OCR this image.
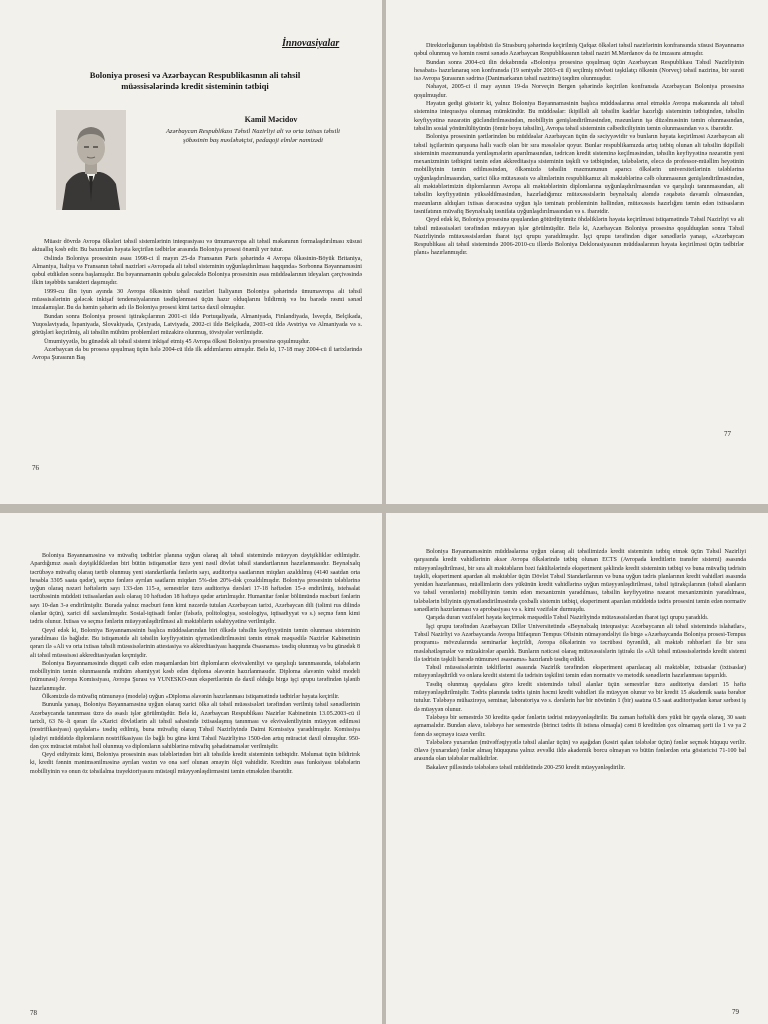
İnnovasiyalar
Boloniya prosesi və Azərbaycan Respublikasının ali təhsil
müəssisələrində kredit sisteminin tətbiqi
Kamil Məcidov
Azərbaycan Respublikası Təhsil Nazirliyi ali və orta ixtisas təhsili şöbəsinin baş məsləhətçisi, pedaqoji elmlər namizədi

Müasir dövrdə Avropa ölkələri təhsil sistemlərinin inteqrasiyası və ümumavropa ali təhsil məkanının formalaşdırılması xüsusi aktuallıq kəsb edir. Bu baxımdan həyata keçirilən tədbirlər arasında Boloniya prosesi önəmli yer tutur.

Əslində Boloniya prosesinin əsası 1998-ci il mayın 25-də Fransanın Paris şəhərində 4 Avropa ölkəsinin-Böyük Britaniya, Almaniya, İtaliya və Fransanın təhsil nazirləri «Avropada ali təhsil sisteminin uyğunlaşdırılması haqqında» Sorbonna Bəyannaməsini qəbul etdikdən sonra başlamışdır. Bu bəyannamənin qəbulu gələcəkdə Boloniya prosesinin əsas müddəalarının ideyaları çərçivəsində ilkin təşəbbüs xarakteri daşımışdır.

1999-cu ilin iyun ayında 30 Avropa ölkəsinin təhsil nazirləri İtaliyanın Boloniya şəhərində ümumavropa ali təhsil müəssisələrinin gələcək inkişaf tendensiyalarının təsdiqlənməsi üçün hazır olduqlarını bildirmiş və bu barədə rəsmi sənəd imzalamışlar. Bu da həmin şəhərin adı ilə Boloniya prosesi kimi tarixə daxil olmuşdur.

Bundan sonra Boloniya prosesi iştirakçılarının 2001-ci ildə Portuqaliyada, Almaniyada, Finlandiyada, İsveçdə, Belçikada, Yuqoslaviyada, İspaniyada, Slovakiyada, Çexiyada, Latviyada, 2002-ci ildə Belçikada, 2003-cü ildə Avstriya və Almaniyada və s. görüşləri keçirilmiş, ali təhsilin mühüm problemləri müzakirə olunmuş, tövsiyələr verilmişdir.

Ümumiyyətlə, bu günədək ali təhsil sistemi inkişaf etmiş 45 Avropa ölkəsi Boloniya prosesinə qoşulmuşdur.

Azərbaycan da bu prosesə qoşulmaq üçün hələ 2004-cü ildə ilk addımlarını atmışdır. Belə ki, 17-18 may 2004-cü il tarixlərində Avropa Şurasının Baş

76

Direktorluğunun təşəbbüsü ilə Strasburq şəhərində keçirilmiş Qafqaz ölkələri təhsil nazirlərinin konfransında xüsusi Bəyannamə qəbul olunmuş və həmin rəsmi sənədə Azərbaycan Respublikasının təhsil naziri M.Mərdanov da öz imzasını atmışdır.

Bundan sonra 2004-cü ilin dekabrında «Boloniya prosesinə qoşulmaq üçün Azərbaycan Respublikası Təhsil Nazirliyinin hesabatı» hazırlanaraq son konfransda (19 sentyabr 2003-cü il) seçilmiş növbəti təşkilatçı ölkənin (Norveç) təhsil nazirinə, bir surəti isə Avropa Şurasının sədrinə (Danimarkanın təhsil nazirinə) təqdim olunmuşdur.

Nəhayət, 2005-ci il may ayının 19-da Norveçin Bergen şəhərində keçirilən konfransda Azərbaycan Boloniya prosesinə qoşulmuşdur.

Həyatın gedişi göstərir ki, yalnız Boloniya Bəyannaməsinin başlıca müddəalarına əməl etməklə Avropa məkanında ali təhsil sisteminə inteqrasiya olunmaq mümkündür. Bu müddəalar: ikipilləli ali təhsilin kadrlar hazırlığı sisteminin tətbiqindən, təhsilin keyfiyyətinə nəzarətin gücləndirilməsindən, mobilliyin genişləndirilməsindən, məzunların işə düzəlməsinin təmin olunmasından, təhsilin sosial yönümlülüyünün (ömür boyu təhsilin), Avropa təhsil sisteminin cəlbediciliyinin təmin olunmasından və s. ibarətdir.

Boloniya prosesinin şərtlərindən bu müddəalar Azərbaycan üçün də səciyyəvidir və bunların həyata keçirilməsi Azərbaycan ali təhsil işçilərinin qarşısına hallı vacib olan bir sıra məsələlər qoyur. Bunlar respublikamızda artıq tətbiq olunan ali təhsilin ikipilləli sisteminin məzmununda yeniləşmələrin aparılmasından, tədricən kredit sisteminə keçilməsindən, təhsilin keyfiyyətinə nəzarətin yeni mexanizminin tətbiqini təmin edən akkreditasiya sisteminin təşkili və tətbiqindən, tələbələrin, elecə də professor-müəllim heyətinin mobilliyinin təmin edilməsindən, ölkəmizdə təhsilin məzmununun aparıcı ölkələrin universitetlərinin tələblərinə uyğunlaşdırılmasından, xarici ölkə mütəxəssis və alimlərinin respublikamız ali məktəblərinə cəlb olunmasının genişləndirilməsindən, ali məktəblərimizin diplomlarının Avropa ali məktəblərinin diplomlarına uyğunlaşdırılmasından və qarşılıqlı tanınmasından, ali təhsilin keyfiyyətinin yüksəldilməsindən, hazırladığımız mütəxəssislərin beynəlxalq aləmdə rəqabətə davamlı olmasından, məzunların aldıqları ixtisas dərəcəsinə uyğun işlə təminatı problеminin həllindən, mütəxəssis hazırlığını təmin edən ixtisasların təsnifatının müvafiq Beynəlxalq təsnifata uyğunlaşdırılmasından və s. ibarətdir.

Qeyd edək ki, Boloniya prosesinə qoşulandan götürdüyümüz öhdəliklərin həyata keçirilməsi istiqamətində Təhsil Nazirliyi və ali təhsil müəssisələri tərəfindən müəyyən işlər görülmüşdür. Belə ki, Azərbaycan Boloniya prosesinə qoşulduqdan sonra Təhsil Nazirliyində mütəxəssislərdən ibarət işçi qrupu yaradılmışdır. İşçi qrupu tərəfindən digər sənədlərlə yanaşı, «Azərbaycan Respublikası ali təhsil sistemində 2006-2010-cu illərdə Boloniya Deklorasiyasının müddəalarının həyata keçirilməsi üçün tədbirlər planı» hazırlanmışdır.

77

Boloniya Bəyannaməsinə və müvafiq tədbirlər planına uyğun olaraq ali təhsil sistemində müəyyən dəyişikliklər edilmişdir. Apardığımız əsaslı dəyişikliklərdən biri bütün istiqamətlər üzrə yeni nəsil dövlət təhsil standartlarının hazırlanmasıdır. Beynəlxalq təcrübəyə müvafiq olaraq tərtib olunmuş yeni standartlarda fənlərin sayı, auditoriya saatlarının miqdarı azaldılmış (4140 saatdan orta hesabla 3305 saata qədər), seçmə fənlərə ayrılan saatların miqdarı 5%-dən 20%-dək çoxaldılmışdır. Boloniya prosesinin tələblərinə uyğun olaraq nəzəri həftələrin sayı 133-dən 115-ə, semestrlər üzrə auditoriya dərsləri 17-18 həftədən 15-ə endirilmiş, istehsalat təcrübəsinin müddəti ixtisaslardan asılı olaraq 10 həftədən 18 həftəyə qədər artırılmışdır. Humanitar fənlər bölümündə məcburi fənlərin sayı 10-dan 3-ə endirilmişdir. Burada yalnız məcburi fənn kimi nəzərdə tutulan Azərbaycan tarixi, Azərbaycan dili (təlimi rus dilində olanlar üçün), xarici dil saxlanılmışdır. Sosial-iqtisadi fənlər (fəlsəfə, politologiya, sosiologiya, iqtisadiyyat və s.) seçmə fənn kimi tədris olunur. İxtisas və seçmə fənlərin müəyyənləşdirilməsi ali məktəblərin səlahiyyətinə verilmişdir.

Qeyd edək ki, Boloniya Bəyannaməsinin başlıca müddəalarından biri ölkədə təhsilin keyfiyyətinin təmin olunması sisteminin yaradılması ilə bağlıdır. Bu istiqamətdə ali təhsilin keyfiyyətinin qiymətləndirilməsini təmin etmək məqsədilə Nazirlər Kabinetinin qərarı ilə «Ali və orta ixtisas təhsili müəssisələrinin attestasiya və akkreditasiyası haqqında Əsasnamə» təsdiq olunmuş və bu günədək 8 ali təhsil müəssisəsi akkreditasiyadan keçmişdir.

Boloniya Bəyannaməsində diqqəti cəlb edən məqamlardan biri diplomların ekvivalentliyi və qarşılıqlı tanınmasında, tələbələrin mobilliyinin təmin olunmasında mühüm əhəmiyyət kəsb edən diploma əlavənin hazırlanmasıdır. Diploma əlavənin vahid modeli (nümunəsi) Avropa Komissiyası, Avropa Şurası və YUNESKO-nun ekspertlərinin də daxil olduğu birgə işçi qrupu tərəfindən işlənib hazırlanmışdır.

Ölkəmizdə də müvafiq nümunəyə (modelə) uyğun «Diploma əlavənin hazırlanması istiqamətində tədbirlər həyata keçirilir.

Bununla yanaşı, Boloniya Bəyannaməsinə uyğun olaraq xarici ölkə ali təhsil müəssisələri tərəfindən verilmiş təhsil sənədlərinin Azərbaycanda tanınması üzrə də əsaslı işlər görülmüşdür. Belə ki, Azərbaycan Respublikası Nazirlər Kabinetinin 13.05.2003-cü il tarixli, 63 №-li qərarı ilə «Xarici dövlətlərin ali təhsil sahəsində ixtisaslaşmış tanınması və ekvivalentliyinin müəyyən edilməsi (nostrifikasiyası) qaydaları» təsdiq edilmiş, buna müvafiq olaraq Təhsil Nazirliyində Daimi Komissiya yaradılmışdır. Komissiya işlədiyi müddətdə diplomların nostrifikasiyası ilə bağlı bu günə kimi Təhsil Nazirliyinə 1500-dən artıq müraciət daxil olmuşdur. 950-dən çox müraciət müsbət həll olunmuş və diplomların sahiblərinə müvafiq şəhadətnamələr verilmişdir.

Qeyd etdiyimiz kimi, Boloniya prosesinin əsas tələblərindən biri ali təhsildə kredit sisteminin tətbiqidir. Məlumat üçün bildirirık ki, kredit fənnin mənimsənilməsinə ayrılan vaxtın və ona sərf olunan əməyin ölçü vahididir. Kreditin əsas funksiyası tələbələrin mobilliyinin və onun öz təhsilalma trayektoriyasını müstəqil müəyyənləşdirməsini təmin etməkdən ibarətdir.

78

Boloniya Bəyannaməsinin müddəalarına uyğun olaraq ali təhsilimizdə kredit sisteminin tətbiq etmək üçün Təhsil Nazirliyi qarşısında kredit vahidlərinin əksər Avropa ölkələrində tətbiq olunan ECTS (Avropada kreditlərin transfer sistemi) əsasında müəyyənləşdirilməsi, bir sıra ali məktəbların bəzi fakültələrində eksperiment şəklində kredit sisteminin tətbiqi və buna müvafiq tədrisin təşkili, eksperiment apardan ali məktəblər üçün Dövlət Təhsil Standartlarının və buna uyğun tədris planlarının kredit vahidləri əsasında yenidən hazırlanması, müəllimlərin dərs yükünün kredit vahidlərinə uyğun müəyyənləşdirilməsi, təhsil iştirakçılarının (təhsil alanların və təhsil verənlərin) mobilliyinin təmin edən mexanizmin yaradılması, təhsilin keyfiyyətinə nəzarət mexanizminin yaradılması, tələbələrin biliyinin qiymətləndirilməsində çoxballı sistemin tətbiqi, eksperiment aparılan müddətdə tədris prosesini təmin edən normativ sənədlərin hazırlanması və aprobasiyası və s. kimi vəzifələr durmuşdu.

Qarşıda duran vəzifələri həyata keçirmək məqsədilə Təhsil Nazirliyində mütəxəssislərdən ibarət işçi qrupu yaradıldı.

İşçi qrupu tərəfindən Azərbaycan Dillər Universitetində «Beynəlxalq inteqrasiya: Azərbaycanın ali təhsil sistemində islahatlar», Təhsil Nazirliyi və Azərbaycanda Avropa İttifaqının Tempus Ofisinin nümayəndəliyi ilə birgə «Azərbaycanda Boloniya prosesi-Tempus proqramı» mövzularında seminarlar keçirildi, Avropa ölkələrinin və təcrübəsi öyrənildi, ali məktəb rəhbərləri ilə bir sıra məsləhətləşmələr və müzakirələr aparıldı. Bunların nəticəsi olaraq mütəxəssislərin iştirakı ilə «Ali təhsil müəssisələrində kredit sistemi ilə tədrisin təşkili barədə nümunəvi əsasnamə» hazırlanıb təsdiq edildi.

Təhsil müəssisələrinin təkliflərini əsasında Nazirlik tərəfindən eksperiment aparılacaq ali məktəblər, ixtisaslar (ixtisaslar) müəyyənləşdirildi və onlara kredit sistemi ilə tədrisin təşkilini təmin edən normativ və metodik sənədlərin hazırlanması tapşırıldı.

Təsdiq olunmuş qaydalara görə kredit sistemində təhsil alanlar üçün semestrlər üzrə auditoriya dərsləri 15 həftə müəyyənləşdirilmişdir. Tədris planında tədris işinin həcmi kredit vahidləri ilə müəyyən olunur və bir kredit 15 akademik saata bərabər tutulur. Tələbəyə mühazirəyə, seminar, laboratoriya və s. dərslərin hər bir növünün 1 (bir) saatına 0.5 saat auditoriyadan kənar sərbəst iş də müəyyən olunur.

Tələbəyə bir semestrdə 30 kreditə qədər fənlərin tədrisi müəyyənləşdirilir. Bu zaman həftəlik dərs yükü bir qayda olaraq, 30 saatı aşmamalıdır. Bundan əlavə, tələbəyə hər semestrdə (birinci tədris ili istisna olmaqla) cəmi 8 kreditdən çox olmamaq şərti ilə 1 və ya 2 fənn də seçməyə icazə verilir.

Tələbələrə yuxarıdan (müvəffəqiyyətlə təhsil alanlar üçün) və aşağıdan (kəsiri qalan tələbələr üçün) fənlər seçmək hüququ verilir. Əlavə (yuxarıdan) fənlər almaq hüququna yalnız əvvəlki ildə akademik borcu olmayan və bütün fənlərdən orta göstəricisi 71-100 bal arasında olan tələbələr malikdirlər.

Bakalavr pilləsində tələbələrə təhsil müddətində 200-250 kredit müəyyənləşdirilir.

79
